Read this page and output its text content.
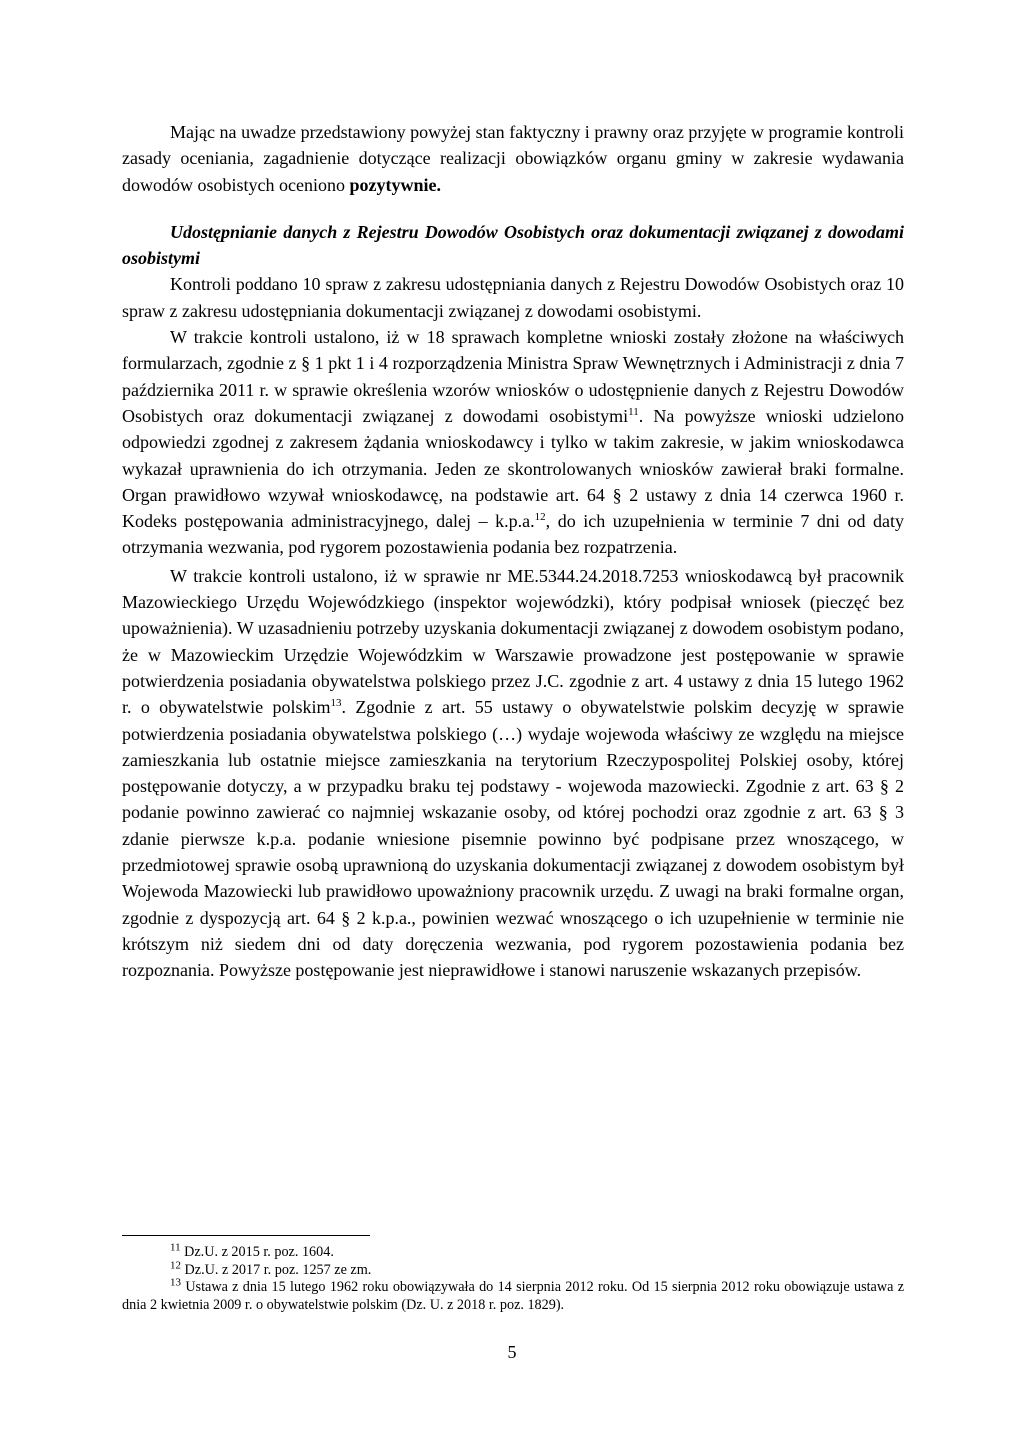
Mając na uwadze przedstawiony powyżej stan faktyczny i prawny oraz przyjęte w programie kontroli zasady oceniania, zagadnienie dotyczące realizacji obowiązków organu gminy w zakresie wydawania dowodów osobistych oceniono pozytywnie.

Udostępnianie danych z Rejestru Dowodów Osobistych oraz dokumentacji związanej z dowodami osobistymi

Kontroli poddano 10 spraw z zakresu udostępniania danych z Rejestru Dowodów Osobistych oraz 10 spraw z zakresu udostępniania dokumentacji związanej z dowodami osobistymi.

W trakcie kontroli ustalono, iż w 18 sprawach kompletne wnioski zostały złożone na właściwych formularzach, zgodnie z § 1 pkt 1 i 4 rozporządzenia Ministra Spraw Wewnętrznych i Administracji z dnia 7 października 2011 r. w sprawie określenia wzorów wniosków o udostępnienie danych z Rejestru Dowodów Osobistych oraz dokumentacji związanej z dowodami osobistymi$^{11}$. Na powyższe wnioski udzielono odpowiedzi zgodnej z zakresem żądania wnioskodawcy i tylko w takim zakresie, w jakim wnioskodawca wykazał uprawnienia do ich otrzymania. Jeden ze skontrolowanych wniosków zawierał braki formalne. Organ prawidłowo wzywał wnioskodawcę, na podstawie art. 64 § 2 ustawy z dnia 14 czerwca 1960 r. Kodeks postępowania administracyjnego, dalej – k.p.a.$^{12}$, do ich uzupełnienia w terminie 7 dni od daty otrzymania wezwania, pod rygorem pozostawienia podania bez rozpatrzenia.

W trakcie kontroli ustalono, iż w sprawie nr ME.5344.24.2018.7253 wnioskodawcą był pracownik Mazowieckiego Urzędu Wojewódzkiego (inspektor wojewódzki), który podpisał wniosek (pieczęć bez upoważnienia). W uzasadnieniu potrzeby uzyskania dokumentacji związanej z dowodem osobistym podano, że w Mazowieckim Urzędzie Wojewódzkim w Warszawie prowadzone jest postępowanie w sprawie potwierdzenia posiadania obywatelstwa polskiego przez J.C. zgodnie z art. 4 ustawy z dnia 15 lutego 1962 r. o obywatelstwie polskim$^{13}$. Zgodnie z art. 55 ustawy o obywatelstwie polskim decyzję w sprawie potwierdzenia posiadania obywatelstwa polskiego (…) wydaje wojewoda właściwy ze względu na miejsce zamieszkania lub ostatnie miejsce zamieszkania na terytorium Rzeczypospolitej Polskiej osoby, której postępowanie dotyczy, a w przypadku braku tej podstawy - wojewoda mazowiecki. Zgodnie z art. 63 § 2 podanie powinno zawierać co najmniej wskazanie osoby, od której pochodzi oraz zgodnie z art. 63 § 3 zdanie pierwsze k.p.a. podanie wniesione pisemnie powinno być podpisane przez wnoszącego, w przedmiotowej sprawie osobą uprawnioną do uzyskania dokumentacji związanej z dowodem osobistym był Wojewoda Mazowiecki lub prawidłowo upoważniony pracownik urzędu. Z uwagi na braki formalne organ, zgodnie z dyspozycją art. 64 § 2 k.p.a., powinien wezwać wnoszącego o ich uzupełnienie w terminie nie krótszym niż siedem dni od daty doręczenia wezwania, pod rygorem pozostawienia podania bez rozpoznania. Powyższe postępowanie jest nieprawidłowe i stanowi naruszenie wskazanych przepisów.

$^{11}$ Dz.U. z 2015 r. poz. 1604.

$^{12}$ Dz.U. z 2017 r. poz. 1257 ze zm.

$^{13}$ Ustawa z dnia 15 lutego 1962 roku obowiązywała do 14 sierpnia 2012 roku. Od 15 sierpnia 2012 roku obowiązuje ustawa z dnia 2 kwietnia 2009 r. o obywatelstwie polskim (Dz. U. z 2018 r. poz. 1829).

5
